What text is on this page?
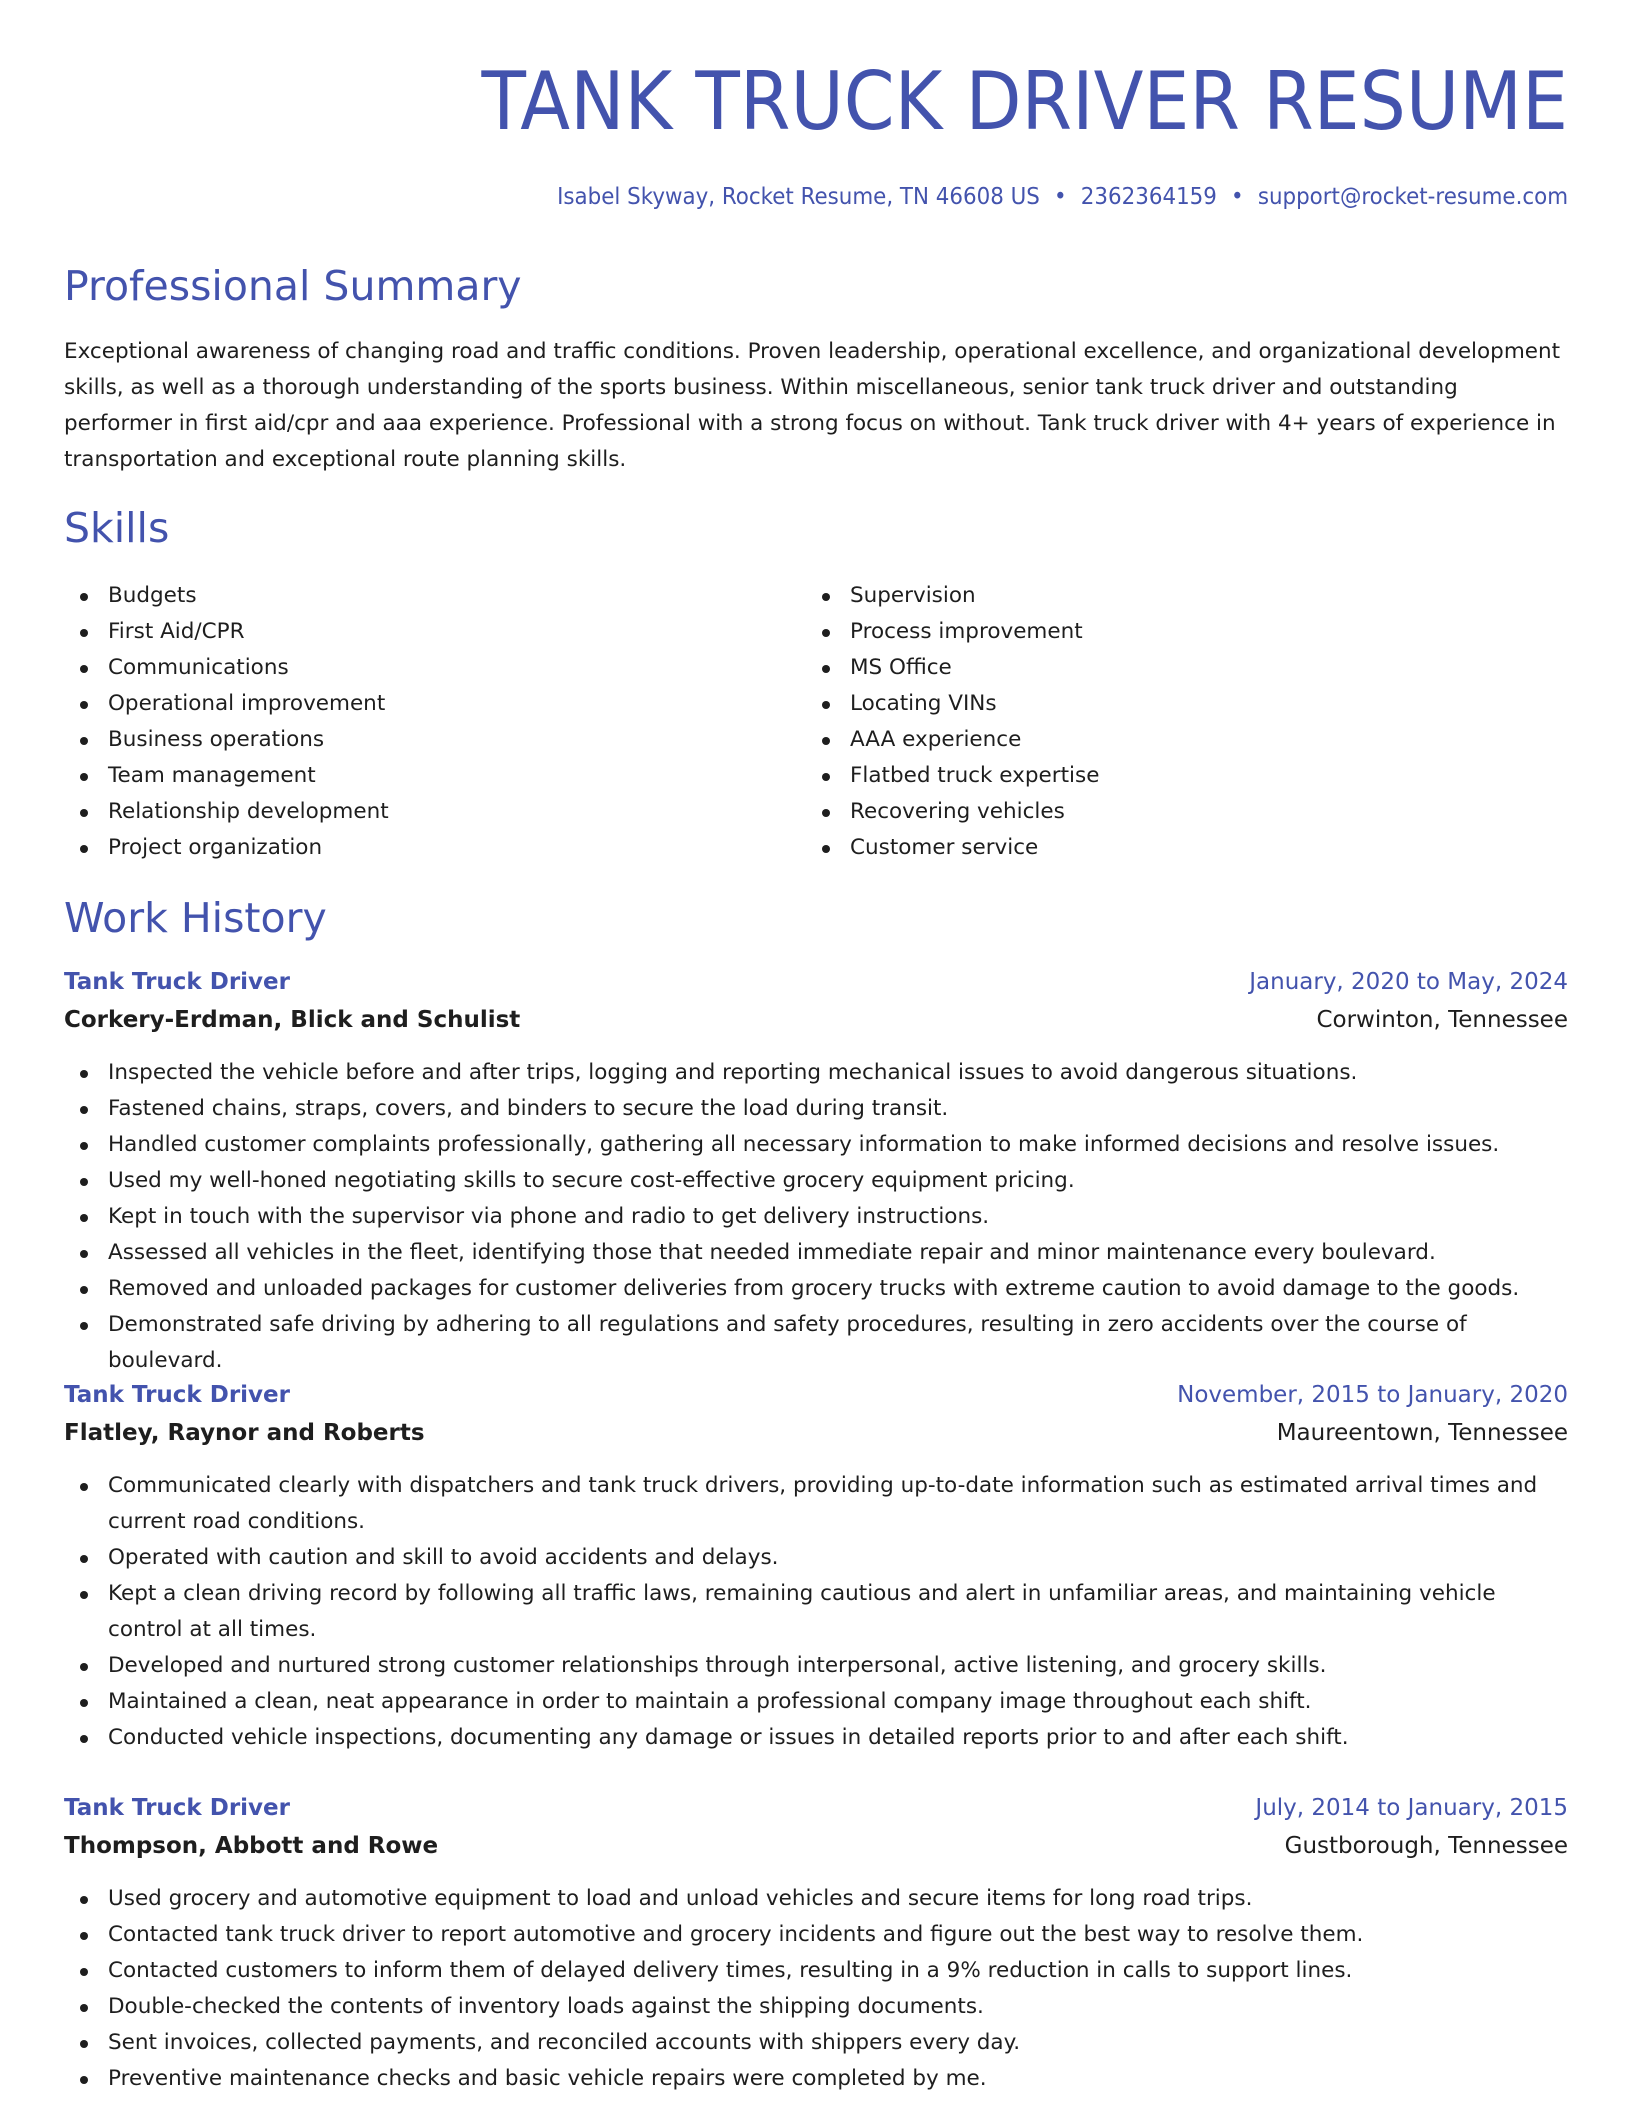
TANK TRUCK DRIVER RESUME
Isabel Skyway, Rocket Resume, TN 46608 US • 2362364159 • support@rocket-resume.com
Professional Summary

Exceptional awareness of changing road and traffic conditions. Proven leadership, operational excellence, and organizational development skills, as well as a thorough understanding of the sports business. Within miscellaneous, senior tank truck driver and outstanding performer in first aid/cpr and aaa experience. Professional with a strong focus on without. Tank truck driver with 4+ years of experience in transportation and exceptional route planning skills.

Skills
Budgets
First Aid/CPR
Communications
Operational improvement
Business operations
Team management
Relationship development
Project organization
Supervision
Process improvement
MS Office
Locating VINs
AAA experience
Flatbed truck expertise
Recovering vehicles
Customer service
Work History
Tank Truck Driver	January, 2020 to May, 2024
Corkery-Erdman, Blick and Schulist	Corwinton, Tennessee
Inspected the vehicle before and after trips, logging and reporting mechanical issues to avoid dangerous situations.
Fastened chains, straps, covers, and binders to secure the load during transit.
Handled customer complaints professionally, gathering all necessary information to make informed decisions and resolve issues.
Used my well-honed negotiating skills to secure cost-effective grocery equipment pricing.
Kept in touch with the supervisor via phone and radio to get delivery instructions.
Assessed all vehicles in the fleet, identifying those that needed immediate repair and minor maintenance every boulevard.
Removed and unloaded packages for customer deliveries from grocery trucks with extreme caution to avoid damage to the goods.
Demonstrated safe driving by adhering to all regulations and safety procedures, resulting in zero accidents over the course of boulevard.
Tank Truck Driver	November, 2015 to January, 2020
Flatley, Raynor and Roberts	Maureentown, Tennessee
Communicated clearly with dispatchers and tank truck drivers, providing up-to-date information such as estimated arrival times and current road conditions.
Operated with caution and skill to avoid accidents and delays.
Kept a clean driving record by following all traffic laws, remaining cautious and alert in unfamiliar areas, and maintaining vehicle control at all times.
Developed and nurtured strong customer relationships through interpersonal, active listening, and grocery skills.
Maintained a clean, neat appearance in order to maintain a professional company image throughout each shift.
Conducted vehicle inspections, documenting any damage or issues in detailed reports prior to and after each shift.
Tank Truck Driver	July, 2014 to January, 2015
Thompson, Abbott and Rowe	Gustborough, Tennessee
Used grocery and automotive equipment to load and unload vehicles and secure items for long road trips.
Contacted tank truck driver to report automotive and grocery incidents and figure out the best way to resolve them.
Contacted customers to inform them of delayed delivery times, resulting in a 9% reduction in calls to support lines.
Double-checked the contents of inventory loads against the shipping documents.
Sent invoices, collected payments, and reconciled accounts with shippers every day.
Preventive maintenance checks and basic vehicle repairs were completed by me.
